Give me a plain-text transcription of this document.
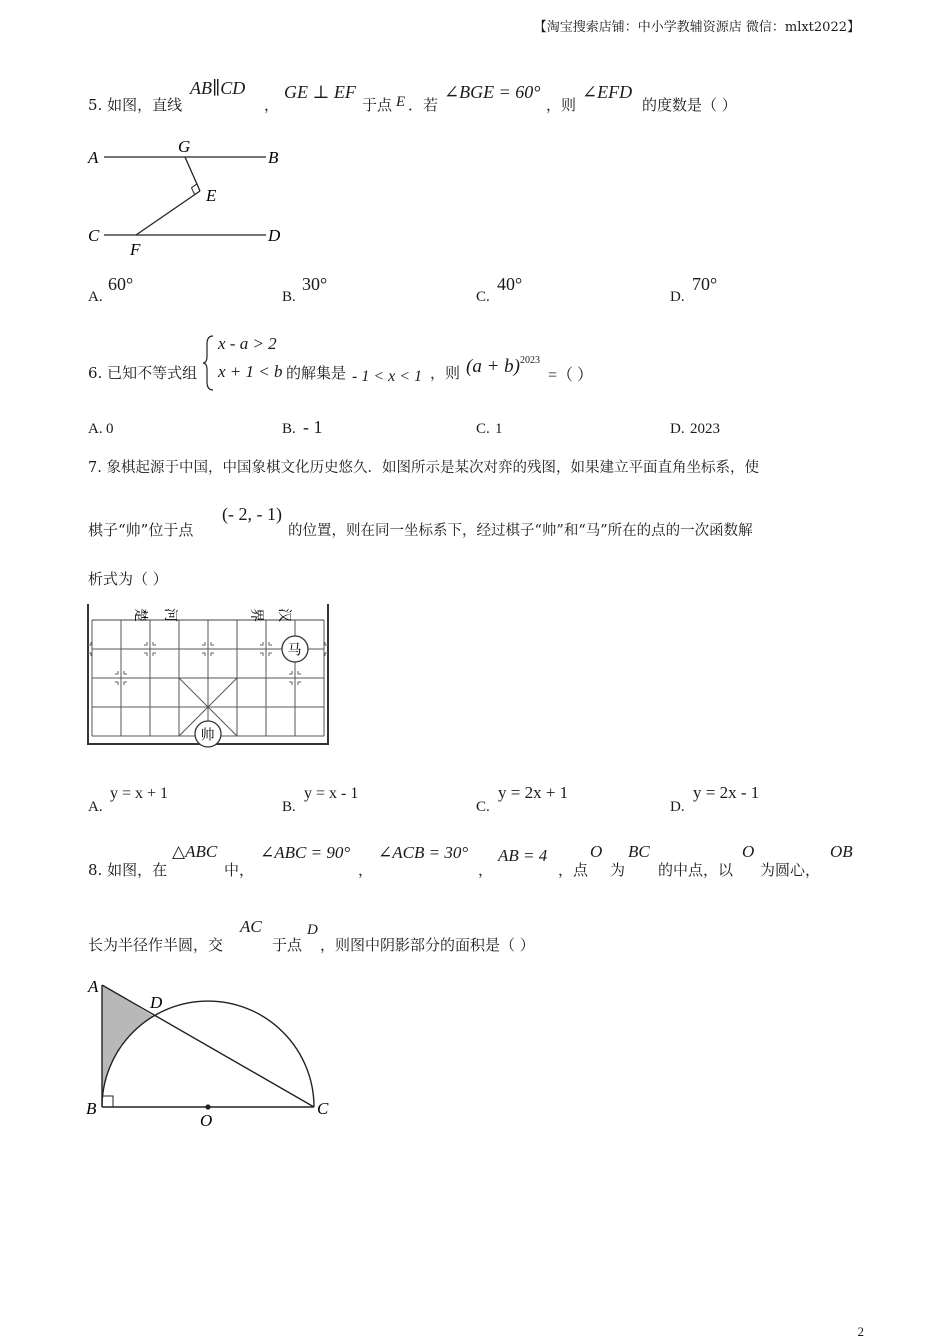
【淘宝搜索店铺：中小学教辅资源店 微信：mlxt2022】
5. 如图，直线
AB∥CD
，
GE ⊥ EF
于点 E ．若
∠BGE = 60°
，则
∠EFD
的度数是（ ）
A	B
C	D
E
F
G
A.
60°
B.
30°
C.
40°
D.
70°
6. 已知不等式组
x - a > 2
x + 1 < b 的解集是 - 1 < x < 1 ，则 (a + b) 2023
=（ ）
A. 0	B. - 1	C. 1	D. 2023
7. 象棋起源于中国，中国象棋文化历史悠久．如图所示是某次对弈的残图，如果建立平面直角坐标系，使
棋子“帅”位于点
(- 2, - 1)
的位置，则在同一坐标系下，经过棋子“帅”和“马”所在的点的一次函数解
析式为（ ）
楚 河	界 汉
马
帅
A.
y = x + 1
B.
y = x - 1
C.
y = 2x + 1
D.
y = 2x - 1
8. 如图，在
△ABC
中，
∠ABC = 90°
，
∠ACB = 30°
，
AB = 4
，点
O
为
BC
的中点，以
O
为圆心，
OB
长为半径作半圆，交
AC
于点
D
，则图中阴影部分的面积是（ ）
A
B	C
D
O
2
